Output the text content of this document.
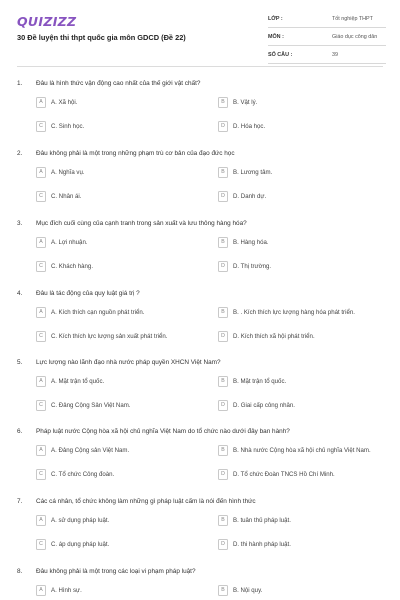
QUIZIZZ
30 Đề luyện thi thpt quốc gia môn GDCD (Đề 22)
LỚP :	Tốt nghiệp THPT
MÔN :	Giáo dục công dân
SỐ CÂU :	39
1. Đâu là hình thức vận động cao nhất của thế giới vật chất?
A	A. Xã hội.	B	B. Vật lý.
C	C. Sinh học.	D	D. Hóa học.
2. Đâu không phải là một trong những phạm trù cơ bản của đạo đức học
A	A. Nghĩa vụ.	B	B. Lương tâm.
C	C. Nhân ái.	D	D. Danh dự.
3. Mục đích cuối cùng của cạnh tranh trong sản xuất và lưu thông hàng hóa?
A	A. Lợi nhuận.	B	B. Hàng hóa.
C	C. Khách hàng.	D	D. Thị trường.
4. Đâu là tác động của quy luật giá trị ?
A	A. Kích thích cạn nguồn phát triển.	B	B. . Kích thích lực lượng hàng hóa phát triển.
C	C. Kích thích lực lượng sản xuất phát triển.	D	D. Kích thích xã hội phát triển.
5. Lực lượng nào lãnh đạo nhà nước pháp quyền XHCN Việt Nam?
A	A. Mặt trận tổ quốc.	B	B. Mặt trận tổ quốc.
C	C. Đảng Cộng Sản Việt Nam.	D	D. Giai cấp công nhân.
6. Pháp luật nước Cộng hòa xã hội chủ nghĩa Việt Nam do tổ chức nào dưới đây ban hành?
A	A. Đảng Cộng sản Việt Nam.	B	B. Nhà nước Cộng hòa xã hội chủ nghĩa Việt Nam.
C	C. Tổ chức Công đoàn.	D	D. Tổ chức Đoàn TNCS Hồ Chí Minh.
7. Các cá nhân, tổ chức không làm những gì pháp luật cấm là nói đến hình thức
A	A. sử dụng pháp luật.	B	B. tuân thủ pháp luật.
C	C. áp dụng pháp luật.	D	D. thi hành pháp luật.
8. Đâu không phải là một trong các loại vi phạm pháp luật?
A	A. Hình sự.	B	B. Nội quy.
